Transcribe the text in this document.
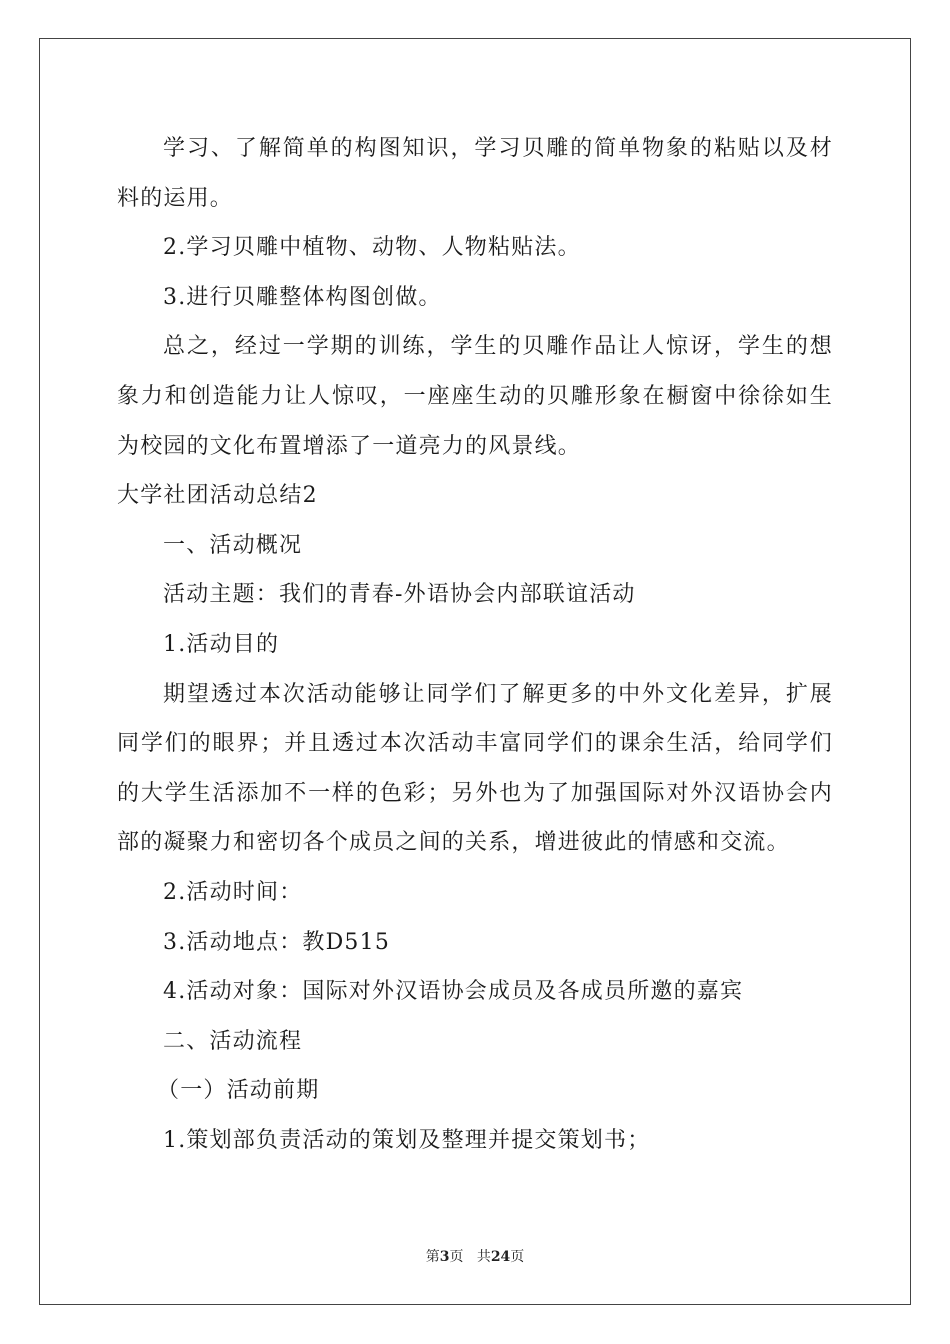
学习、了解简单的构图知识，学习贝雕的简单物象的粘贴以及材
料的运用。
2.学习贝雕中植物、动物、人物粘贴法。
3.进行贝雕整体构图创做。
总之，经过一学期的训练，学生的贝雕作品让人惊讶，学生的想
象力和创造能力让人惊叹，一座座生动的贝雕形象在橱窗中徐徐如生
为校园的文化布置增添了一道亮力的风景线。
大学社团活动总结2
一、活动概况
活动主题：我们的青春-外语协会内部联谊活动
1.活动目的
期望透过本次活动能够让同学们了解更多的中外文化差异，扩展
同学们的眼界；并且透过本次活动丰富同学们的课余生活，给同学们
的大学生活添加不一样的色彩；另外也为了加强国际对外汉语协会内
部的凝聚力和密切各个成员之间的关系，增进彼此的情感和交流。
2.活动时间：
3.活动地点：教D515
4.活动对象：国际对外汉语协会成员及各成员所邀的嘉宾
二、活动流程
（一）活动前期
1.策划部负责活动的策划及整理并提交策划书；
第3页 共24页
